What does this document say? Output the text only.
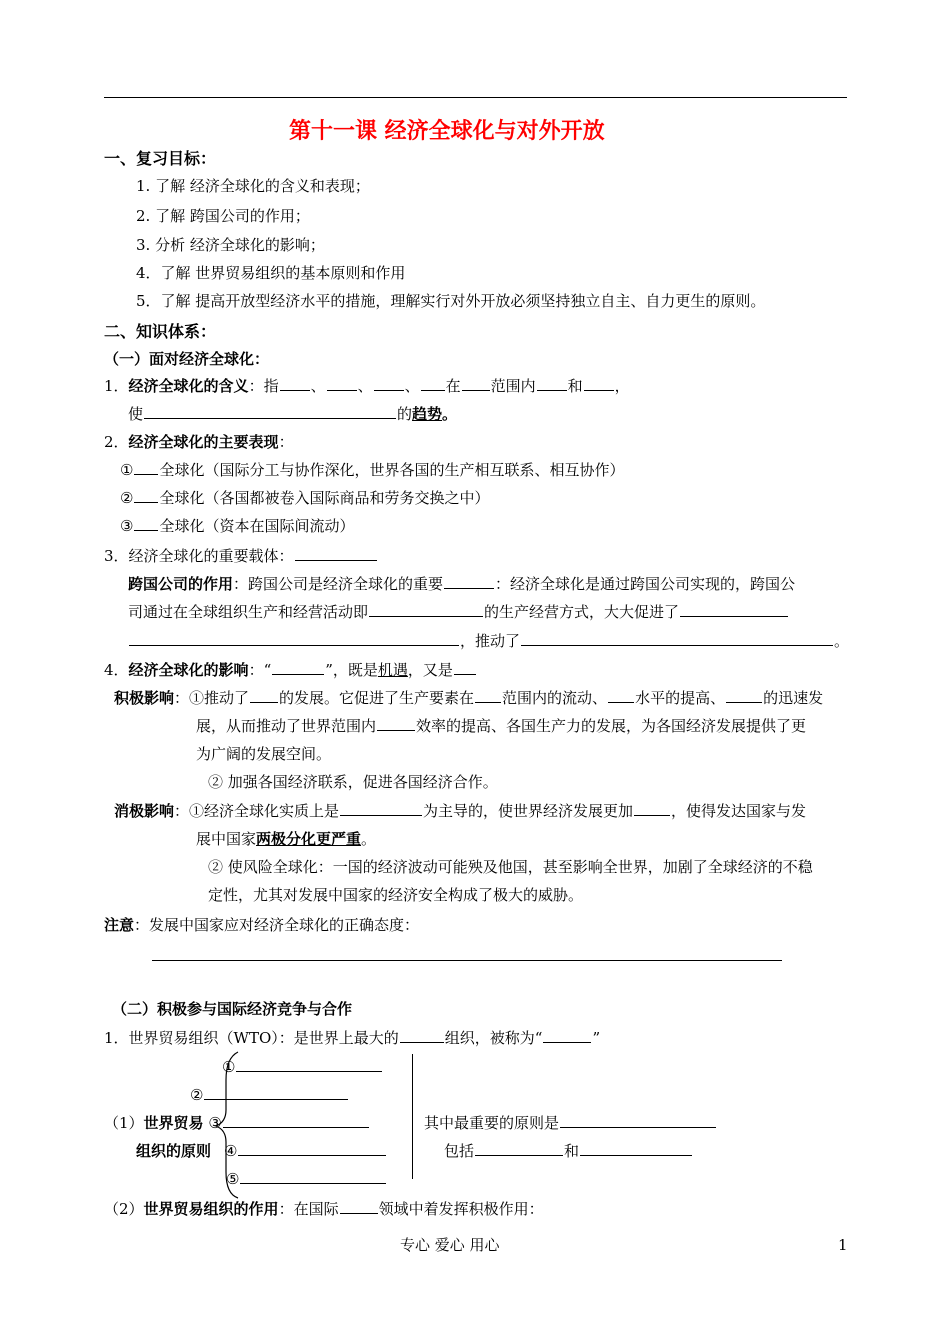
第十一课 经济全球化与对外开放
一、复习目标：
1. 了解 经济全球化的含义和表现；
2. 了解 跨国公司的作用；
3. 分析 经济全球化的影响；
4．了解 世界贸易组织的基本原则和作用
5．了解 提高开放型经济水平的措施，理解实行对外开放必须坚持独立自主、自力更生的原则。
二、知识体系：
（一）面对经济全球化：
1．经济全球化的含义：指 、 、 、 在 范围内 和 ，
使	的趋势。
2．经济全球化的主要表现：
① 全球化（国际分工与协作深化，世界各国的生产相互联系、相互协作）
② 全球化（各国都被卷入国际商品和劳务交换之中）
③ 全球化（资本在国际间流动）
3．经济全球化的重要载体：
跨国公司的作用：跨国公司是经济全球化的重要	：经济全球化是通过跨国公司实现的，跨国公
司通过在全球组织生产和经营活动即	的生产经营方式，大大促进了
，推动了	。
4．经济全球化的影响：“	”，既是机遇，又是
积极影响：①推动了 的发展。它促进了生产要素在 范围内的流动、 水平的提高、	的迅速发
展，从而推动了世界范围内	效率的提高、各国生产力的发展，为各国经济发展提供了更
为广阔的发展空间。
② 加强各国经济联系，促进各国经济合作。
消极影响：①经济全球化实质上是	为主导的，使世界经济发展更加	，使得发达国家与发
展中国家两极分化更严重。
② 使风险全球化：一国的经济波动可能殃及他国，甚至影响全世界，加剧了全球经济的不稳
定性，尤其对发展中国家的经济安全构成了极大的威胁。
注意：发展中国家应对经济全球化的正确态度：
（二）积极参与国际经济竞争与合作
1．世界贸易组织（WTO）：是世界上最大的	组织，被称为“	”
①
②
（1）世界贸易 ③
组织的原则 ④
⑤
其中最重要的原则是
包括	和
（2）世界贸易组织的作用：在国际	领域中着发挥积极作用：
专心 爱心 用心	1
